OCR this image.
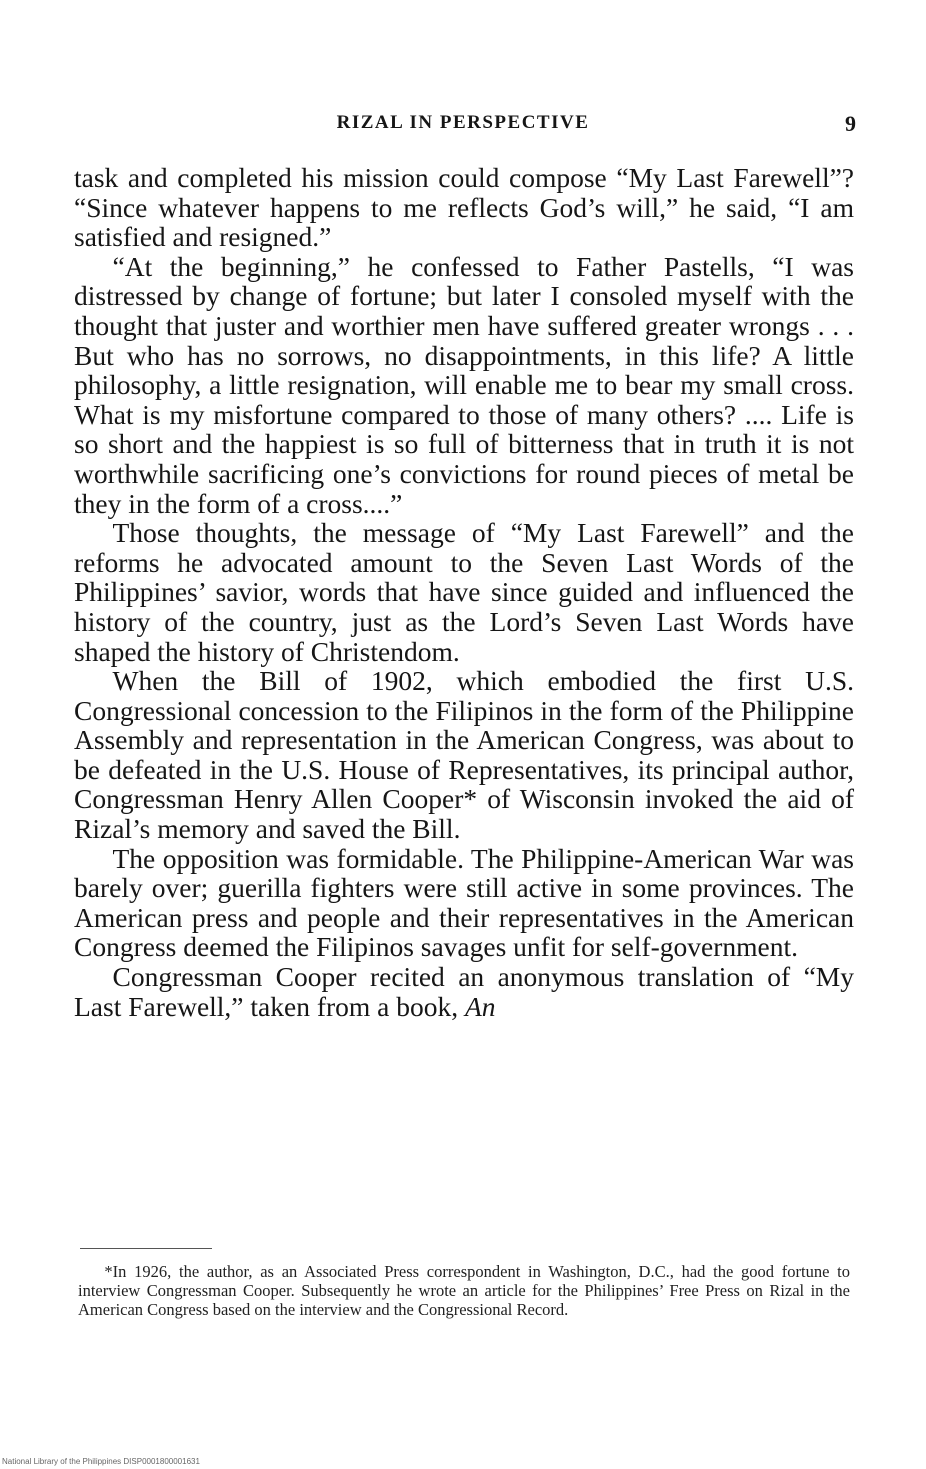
RIZAL IN PERSPECTIVE	9

task and completed his mission could compose “My Last Farewell”? “Since whatever happens to me reflects God’s will,” he said, “I am satisfied and resigned.”

“At the beginning,” he confessed to Father Pastells, “I was distressed by change of fortune; but later I consoled myself with the thought that juster and worthier men have suffered greater wrongs . . . But who has no sorrows, no disappointments, in this life? A little philosophy, a little resignation, will enable me to bear my small cross. What is my misfortune compared to those of many others? .... Life is so short and the happiest is so full of bitterness that in truth it is not worthwhile sacrificing one’s convictions for round pieces of metal be they in the form of a cross....”

Those thoughts, the message of “My Last Farewell” and the reforms he advocated amount to the Seven Last Words of the Philippines’ savior, words that have since guided and influenced the history of the country, just as the Lord’s Seven Last Words have shaped the history of Christendom.

When the Bill of 1902, which embodied the first U.S. Congressional concession to the Filipinos in the form of the Philippine Assembly and representation in the American Congress, was about to be defeated in the U.S. House of Representatives, its principal author, Congressman Henry Allen Cooper* of Wisconsin invoked the aid of Rizal’s memory and saved the Bill.

The opposition was formidable. The Philippine-American War was barely over; guerilla fighters were still active in some provinces. The American press and people and their representatives in the American Congress deemed the Filipinos savages unfit for self-government.

Congressman Cooper recited an anonymous translation of “My Last Farewell,” taken from a book, An

*In 1926, the author, as an Associated Press correspondent in Washington, D.C., had the good fortune to interview Congressman Cooper. Subsequently he wrote an article for the Philippines’ Free Press on Rizal in the American Congress based on the interview and the Congressional Record.

National Library of the Philippines DISP0001800001631
